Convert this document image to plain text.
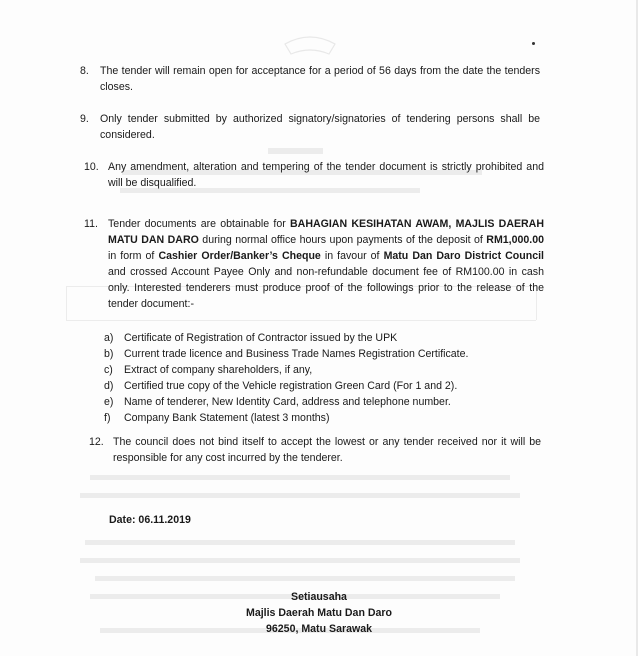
8. The tender will remain open for acceptance for a period of 56 days from the date the tenders closes.
9. Only tender submitted by authorized signatory/signatories of tendering persons shall be considered.
10. Any amendment, alteration and tempering of the tender document is strictly prohibited and will be disqualified.
11. Tender documents are obtainable for BAHAGIAN KESIHATAN AWAM, MAJLIS DAERAH MATU DAN DARO during normal office hours upon payments of the deposit of RM1,000.00 in form of Cashier Order/Banker’s Cheque in favour of Matu Dan Daro District Council and crossed Account Payee Only and non-refundable document fee of RM100.00 in cash only. Interested tenderers must produce proof of the followings prior to the release of the tender document:-
a) Certificate of Registration of Contractor issued by the UPK
b) Current trade licence and Business Trade Names Registration Certificate.
c) Extract of company shareholders, if any,
d) Certified true copy of the Vehicle registration Green Card (For 1 and 2).
e) Name of tenderer, New Identity Card, address and telephone number.
f) Company Bank Statement (latest 3 months)
12. The council does not bind itself to accept the lowest or any tender received nor it will be responsible for any cost incurred by the tenderer.
Date: 06.11.2019
Setiausaha
Majlis Daerah Matu Dan Daro
96250, Matu Sarawak
